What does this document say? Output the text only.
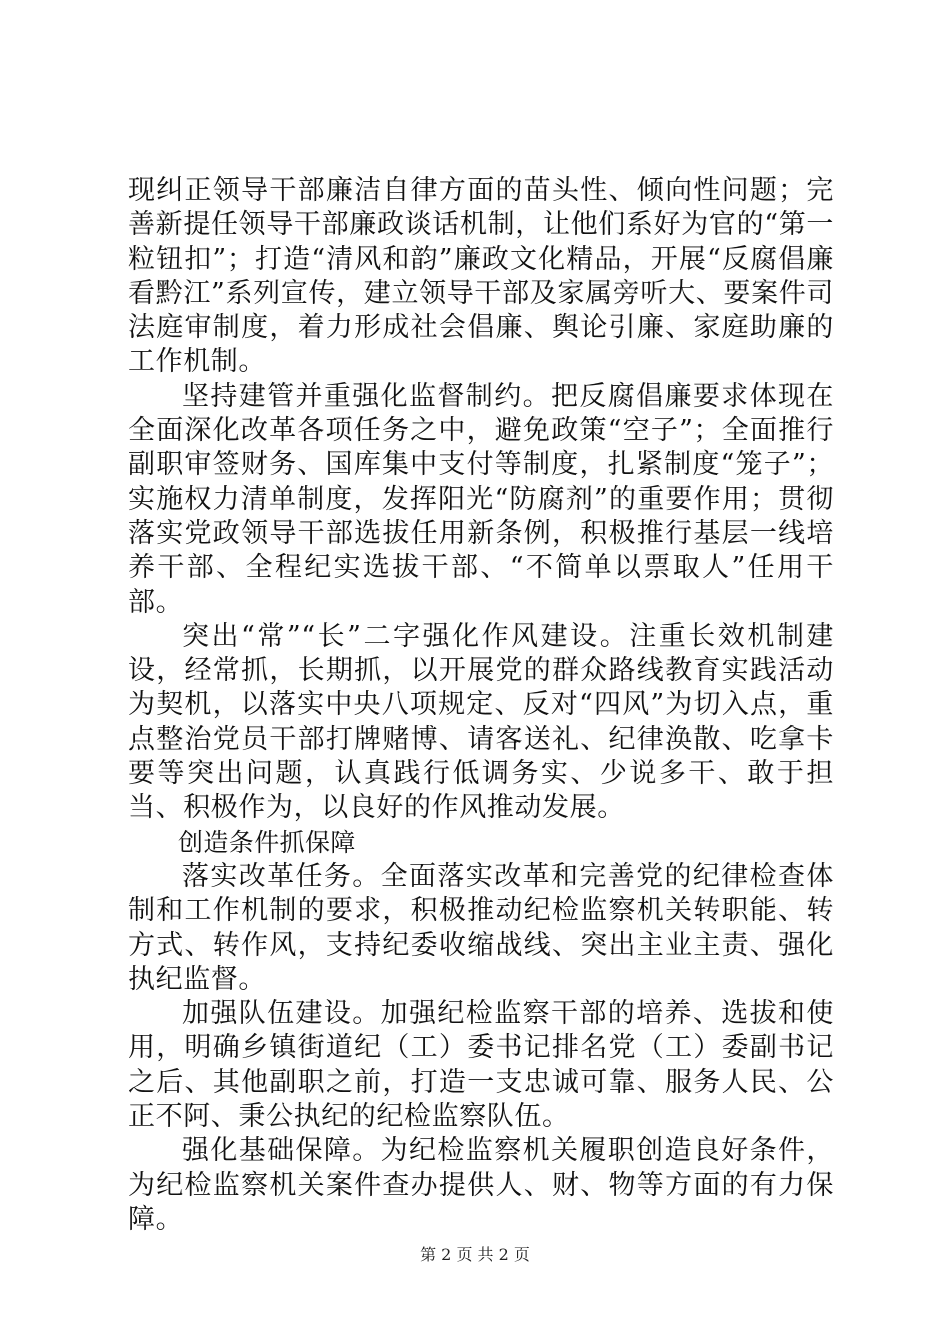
现纠正领导干部廉洁自律方面的苗头性、倾向性问题；完善新提任领导干部廉政谈话机制，让他们系好为官的“第一粒钮扣”；打造“清风和韵”廉政文化精品，开展“反腐倡廉看黔江”系列宣传，建立领导干部及家属旁听大、要案件司法庭审制度，着力形成社会倡廉、舆论引廉、家庭助廉的工作机制。

坚持建管并重强化监督制约。把反腐倡廉要求体现在全面深化改革各项任务之中，避免政策“空子”；全面推行副职审签财务、国库集中支付等制度，扎紧制度“笼子”；实施权力清单制度，发挥阳光“防腐剂”的重要作用；贯彻落实党政领导干部选拔任用新条例，积极推行基层一线培养干部、全程纪实选拔干部、“不简单以票取人”任用干部。

突出“常”“长”二字强化作风建设。注重长效机制建设，经常抓，长期抓，以开展党的群众路线教育实践活动为契机，以落实中央八项规定、反对“四风”为切入点，重点整治党员干部打牌赌博、请客送礼、纪律涣散、吃拿卡要等突出问题，认真践行低调务实、少说多干、敢于担当、积极作为，以良好的作风推动发展。

创造条件抓保障

落实改革任务。全面落实改革和完善党的纪律检查体制和工作机制的要求，积极推动纪检监察机关转职能、转方式、转作风，支持纪委收缩战线、突出主业主责、强化执纪监督。

加强队伍建设。加强纪检监察干部的培养、选拔和使用，明确乡镇街道纪（工）委书记排名党（工）委副书记之后、其他副职之前，打造一支忠诚可靠、服务人民、公正不阿、秉公执纪的纪检监察队伍。

强化基础保障。为纪检监察机关履职创造良好条件，为纪检监察机关案件查办提供人、财、物等方面的有力保障。

第 2 页 共 2 页
